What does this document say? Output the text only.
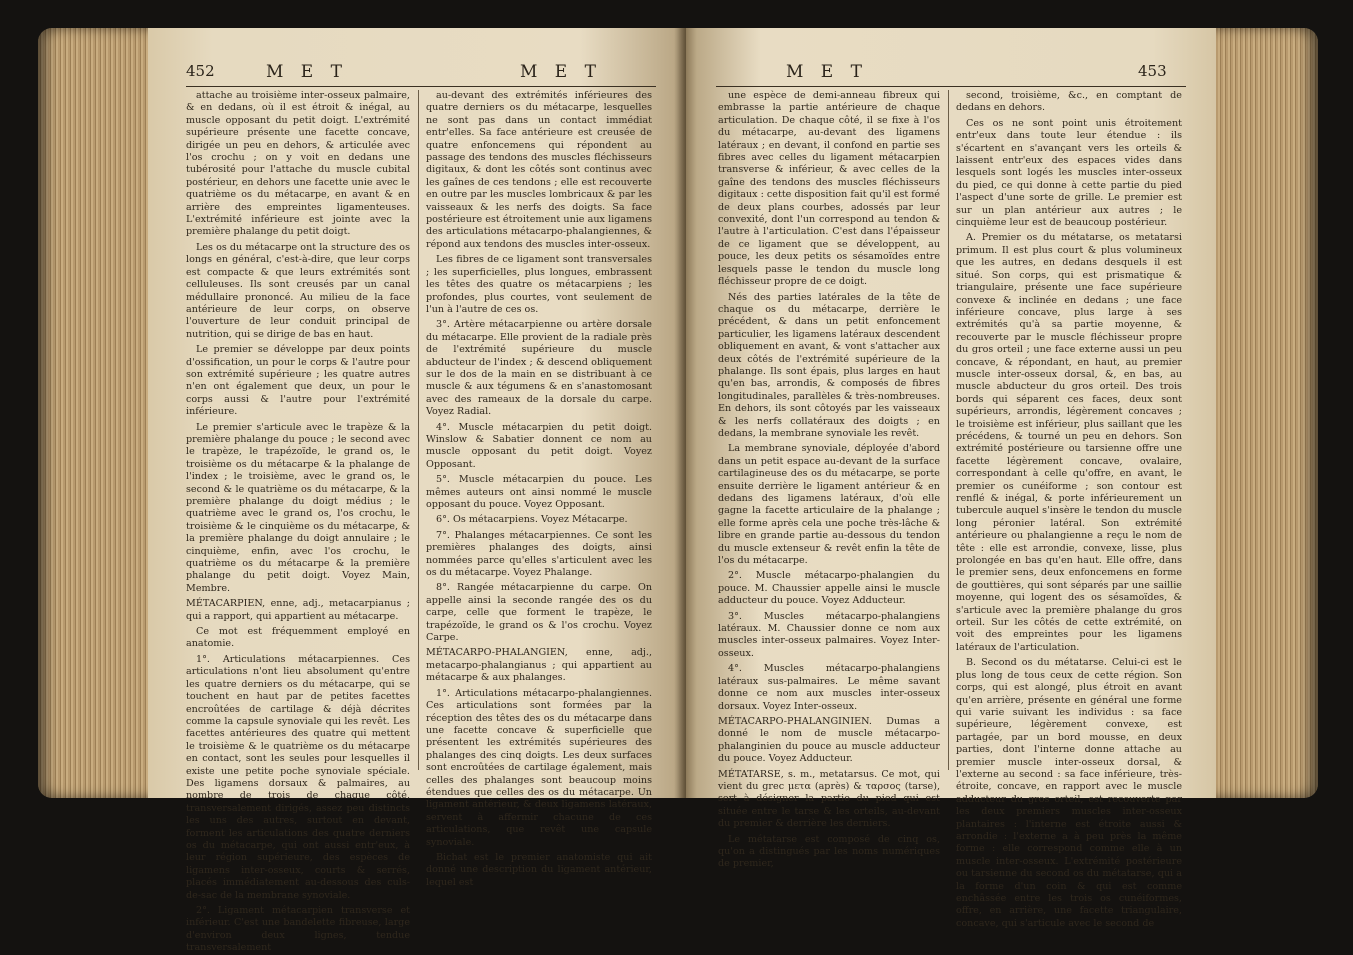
452	M E T	M E T

attache au troisième inter-osseux palmaire, & en dedans, où il est étroit & inégal, au muscle opposant du petit doigt. L'extrémité supérieure présente une facette concave, dirigée un peu en dehors, & articulée avec l'os crochu ; on y voit en dedans une tubérosité pour l'attache du muscle cubital postérieur, en dehors une facette unie avec le quatrième os du métacarpe, en avant & en arrière des empreintes ligamenteuses. L'extrémité inférieure est jointe avec la première phalange du petit doigt.

Les os du métacarpe ont la structure des os longs en général, c'est-à-dire, que leur corps est compacte & que leurs extrémités sont celluleuses. Ils sont creusés par un canal médullaire prononcé. Au milieu de la face antérieure de leur corps, on observe l'ouverture de leur conduit principal de nutrition, qui se dirige de bas en haut.

Le premier se développe par deux points d'ossification, un pour le corps & l'autre pour son extrémité supérieure ; les quatre autres n'en ont également que deux, un pour le corps aussi & l'autre pour l'extrémité inférieure.

Le premier s'articule avec le trapèze & la première phalange du pouce ; le second avec le trapèze, le trapézoïde, le grand os, le troisième os du métacarpe & la phalange de l'index ; le troisième, avec le grand os, le second & le quatrième os du métacarpe, & la première phalange du doigt médius ; le quatrième avec le grand os, l'os crochu, le troisième & le cinquième os du métacarpe, & la première phalange du doigt annulaire ; le cinquième, enfin, avec l'os crochu, le quatrième os du métacarpe & la première phalange du petit doigt. Voyez Main, Membre.

MÉTACARPIEN, enne, adj., metacarpianus ; qui a rapport, qui appartient au métacarpe.

Ce mot est fréquemment employé en anatomie.

1°. Articulations métacarpiennes. Ces articulations n'ont lieu absolument qu'entre les quatre derniers os du métacarpe, qui se touchent en haut par de petites facettes encroûtées de cartilage & déjà décrites comme la capsule synoviale qui les revêt. Les facettes antérieures des quatre qui mettent le troisième & le quatrième os du métacarpe en contact, sont les seules pour lesquelles il existe une petite poche synoviale spéciale. Des ligamens dorsaux & palmaires, au nombre de trois de chaque côté, transversalement dirigés, assez peu distincts les uns des autres, surtout en devant, forment les articulations des quatre derniers os du métacarpe, qui ont aussi entr'eux, à leur région supérieure, des espèces de ligamens inter-osseux, courts & serrés, placés immédiatement au-dessous des culs-de-sac de la membrane synoviale.

2°. Ligament métacarpien transverse et inférieur. C'est une bandelette fibreuse, large d'environ deux lignes, tendue transversalement

au-devant des extrémités inférieures des quatre derniers os du métacarpe, lesquelles ne sont pas dans un contact immédiat entr'elles. Sa face antérieure est creusée de quatre enfoncemens qui répondent au passage des tendons des muscles fléchisseurs digitaux, & dont les côtés sont continus avec les gaînes de ces tendons ; elle est recouverte en outre par les muscles lombricaux & par les vaisseaux & les nerfs des doigts. Sa face postérieure est étroitement unie aux ligamens des articulations métacarpo-phalangiennes, & répond aux tendons des muscles inter-osseux.

Les fibres de ce ligament sont transversales ; les superficielles, plus longues, embrassent les têtes des quatre os métacarpiens ; les profondes, plus courtes, vont seulement de l'un à l'autre de ces os.

3°. Artère métacarpienne ou artère dorsale du métacarpe. Elle provient de la radiale près de l'extrémité supérieure du muscle abducteur de l'index ; & descend obliquement sur le dos de la main en se distribuant à ce muscle & aux tégumens & en s'anastomosant avec des rameaux de la dorsale du carpe. Voyez Radial.

4°. Muscle métacarpien du petit doigt. Winslow & Sabatier donnent ce nom au muscle opposant du petit doigt. Voyez Opposant.

5°. Muscle métacarpien du pouce. Les mêmes auteurs ont ainsi nommé le muscle opposant du pouce. Voyez Opposant.

6°. Os métacarpiens. Voyez Métacarpe.

7°. Phalanges métacarpiennes. Ce sont les premières phalanges des doigts, ainsi nommées parce qu'elles s'articulent avec les os du métacarpe. Voyez Phalange.

8°. Rangée métacarpienne du carpe. On appelle ainsi la seconde rangée des os du carpe, celle que forment le trapèze, le trapézoïde, le grand os & l'os crochu. Voyez Carpe.

MÉTACARPO-PHALANGIEN, enne, adj., metacarpo-phalangianus ; qui appartient au métacarpe & aux phalanges.

1°. Articulations métacarpo-phalangiennes. Ces articulations sont formées par la réception des têtes des os du métacarpe dans une facette concave & superficielle que présentent les extrémités supérieures des phalanges des cinq doigts. Les deux surfaces sont encroûtées de cartilage également, mais celles des phalanges sont beaucoup moins étendues que celles des os du métacarpe. Un ligament antérieur, & deux ligamens latéraux, servent à affermir chacune de ces articulations, que revêt une capsule synoviale.

Bichat est le premier anatomiste qui ait donné une description du ligament antérieur, lequel est

M E T	453

une espèce de demi-anneau fibreux qui embrasse la partie antérieure de chaque articulation. De chaque côté, il se fixe à l'os du métacarpe, au-devant des ligamens latéraux ; en devant, il confond en partie ses fibres avec celles du ligament métacarpien transverse & inférieur, & avec celles de la gaîne des tendons des muscles fléchisseurs digitaux : cette disposition fait qu'il est formé de deux plans courbes, adossés par leur convexité, dont l'un correspond au tendon & l'autre à l'articulation. C'est dans l'épaisseur de ce ligament que se développent, au pouce, les deux petits os sésamoïdes entre lesquels passe le tendon du muscle long fléchisseur propre de ce doigt.

Nés des parties latérales de la tête de chaque os du métacarpe, derrière le précédent, & dans un petit enfoncement particulier, les ligamens latéraux descendent obliquement en avant, & vont s'attacher aux deux côtés de l'extrémité supérieure de la phalange. Ils sont épais, plus larges en haut qu'en bas, arrondis, & composés de fibres longitudinales, parallèles & très-nombreuses. En dehors, ils sont côtoyés par les vaisseaux & les nerfs collatéraux des doigts ; en dedans, la membrane synoviale les revêt.

La membrane synoviale, déployée d'abord dans un petit espace au-devant de la surface cartilagineuse des os du métacarpe, se porte ensuite derrière le ligament antérieur & en dedans des ligamens latéraux, d'où elle gagne la facette articulaire de la phalange ; elle forme après cela une poche très-lâche & libre en grande partie au-dessous du tendon du muscle extenseur & revêt enfin la tête de l'os du métacarpe.

2°. Muscle métacarpo-phalangien du pouce. M. Chaussier appelle ainsi le muscle adducteur du pouce. Voyez Adducteur.

3°. Muscles métacarpo-phalangiens latéraux. M. Chaussier donne ce nom aux muscles inter-osseux palmaires. Voyez Inter-osseux.

4°. Muscles métacarpo-phalangiens latéraux sus-palmaires. Le même savant donne ce nom aux muscles inter-osseux dorsaux. Voyez Inter-osseux.

MÉTACARPO-PHALANGINIEN. Dumas a donné le nom de muscle métacarpo-phalanginien du pouce au muscle adducteur du pouce. Voyez Adducteur.

MÉTATARSE, s. m., metatarsus. Ce mot, qui vient du grec μετα (après) & ταρσος (tarse), sert à désigner la partie du pied qui est située entre le tarse & les orteils, au-devant du premier & derrière les derniers.

Le métatarse est composé de cinq os, qu'on a distingués par les noms numériques de premier,

second, troisième, &c., en comptant de dedans en dehors.

Ces os ne sont point unis étroitement entr'eux dans toute leur étendue : ils s'écartent en s'avançant vers les orteils & laissent entr'eux des espaces vides dans lesquels sont logés les muscles inter-osseux du pied, ce qui donne à cette partie du pied l'aspect d'une sorte de grille. Le premier est sur un plan antérieur aux autres ; le cinquième leur est de beaucoup postérieur.

A. Premier os du métatarse, os metatarsi primum. Il est plus court & plus volumineux que les autres, en dedans desquels il est situé. Son corps, qui est prismatique & triangulaire, présente une face supérieure convexe & inclinée en dedans ; une face inférieure concave, plus large à ses extrémités qu'à sa partie moyenne, & recouverte par le muscle fléchisseur propre du gros orteil ; une face externe aussi un peu concave, & répondant, en haut, au premier muscle inter-osseux dorsal, &, en bas, au muscle abducteur du gros orteil. Des trois bords qui séparent ces faces, deux sont supérieurs, arrondis, légèrement concaves ; le troisième est inférieur, plus saillant que les précédens, & tourné un peu en dehors. Son extrémité postérieure ou tarsienne offre une facette légèrement concave, ovalaire, correspondant à celle qu'offre, en avant, le premier os cunéiforme ; son contour est renflé & inégal, & porte inférieurement un tubercule auquel s'insère le tendon du muscle long péronier latéral. Son extrémité antérieure ou phalangienne a reçu le nom de tête : elle est arrondie, convexe, lisse, plus prolongée en bas qu'en haut. Elle offre, dans le premier sens, deux enfoncemens en forme de gouttières, qui sont séparés par une saillie moyenne, qui logent des os sésamoïdes, & s'articule avec la première phalange du gros orteil. Sur les côtés de cette extrémité, on voit des empreintes pour les ligamens latéraux de l'articulation.

B. Second os du métatarse. Celui-ci est le plus long de tous ceux de cette région. Son corps, qui est alongé, plus étroit en avant qu'en arrière, présente en général une forme qui varie suivant les individus : sa face supérieure, légèrement convexe, est partagée, par un bord mousse, en deux parties, dont l'interne donne attache au premier muscle inter-osseux dorsal, & l'externe au second : sa face inférieure, très-étroite, concave, en rapport avec le muscle adducteur du gros orteil, est recouverte par les deux premiers muscles inter-osseux plantaires : l'interne est étroite aussi & arrondie : l'externe a à peu près la même forme : elle correspond comme elle à un muscle inter-osseux. L'extrémité postérieure ou tarsienne du second os du métatarse, qui a la forme d'un coin & qui est comme enchâssée entre les trois os cunéiformes, offre, en arrière, une facette triangulaire, concave, qui s'articule avec le second de
